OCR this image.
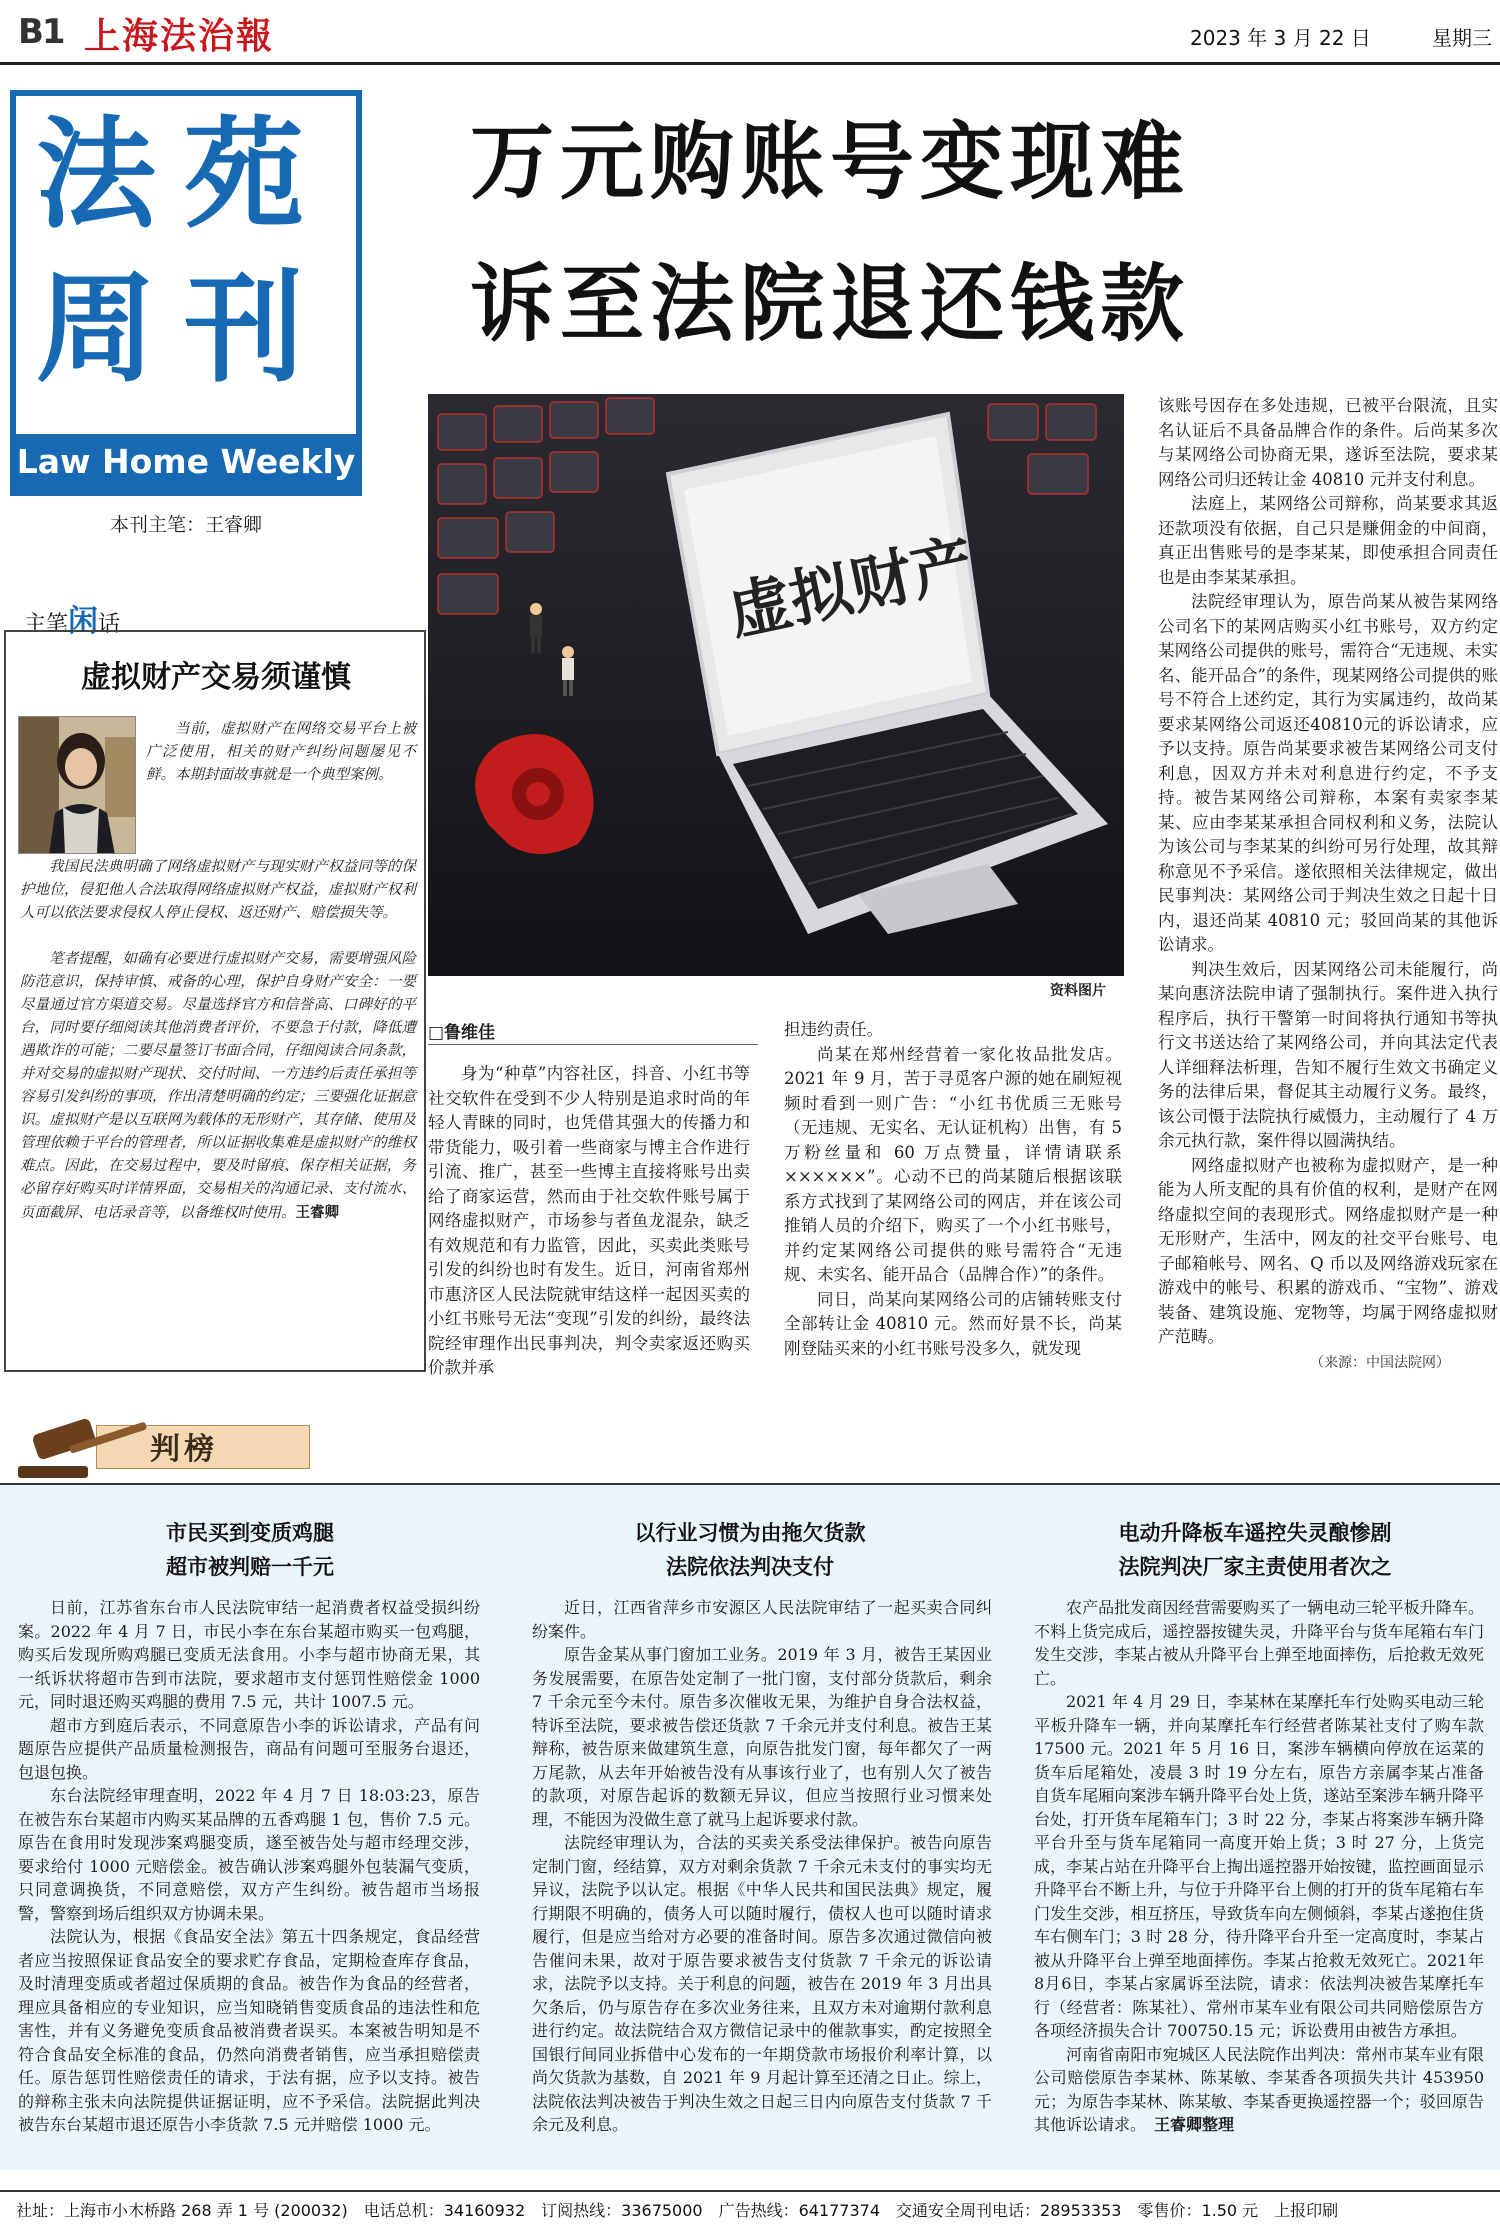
B1 上海法治報	2023 年 3 月 22 日	星期三
法苑
周刊
Law Home Weekly
本刊主笔：王睿卿
万元购账号变现难
诉至法院退还钱款
主笔闲话
虚拟财产交易须谨慎
当前，虚拟财产在网络交易平台上被广泛使用，相关的财产纠纷问题屡见不鲜。本期封面故事就是一个典型案例。
我国民法典明确了网络虚拟财产与现实财产权益同等的保护地位，侵犯他人合法取得网络虚拟财产权益，虚拟财产权利人可以依法要求侵权人停止侵权、返还财产、赔偿损失等。
笔者提醒，如确有必要进行虚拟财产交易，需要增强风险防范意识，保持审慎、戒备的心理，保护自身财产安全：一要尽量通过官方渠道交易。尽量选择官方和信誉高、口碑好的平台，同时要仔细阅读其他消费者评价，不要急于付款，降低遭遇欺诈的可能；二要尽量签订书面合同，仔细阅读合同条款，并对交易的虚拟财产现状、交付时间、一方违约后责任承担等容易引发纠纷的事项，作出清楚明确的约定；三要强化证据意识。虚拟财产是以互联网为载体的无形财产，其存储、使用及管理依赖于平台的管理者，所以证据收集难是虚拟财产的维权难点。因此，在交易过程中，要及时留痕、保存相关证据，务必留存好购买时详情界面，交易相关的沟通记录、支付流水、页面截屏、电话录音等，以备维权时使用。王睿卿
虚拟财产
资料图片
□鲁维佳

身为“种草”内容社区，抖音、小红书等社交软件在受到不少人特别是追求时尚的年轻人青睐的同时，也凭借其强大的传播力和带货能力，吸引着一些商家与博主合作进行引流、推广，甚至一些博主直接将账号出卖给了商家运营，然而由于社交软件账号属于网络虚拟财产，市场参与者鱼龙混杂，缺乏有效规范和有力监管，因此，买卖此类账号引发的纠纷也时有发生。近日，河南省郑州市惠济区人民法院就审结这样一起因买卖的小红书账号无法“变现”引发的纠纷，最终法院经审理作出民事判决，判令卖家返还购买价款并承

担违约责任。

尚某在郑州经营着一家化妆品批发店。2021 年 9 月，苦于寻觅客户源的她在刷短视频时看到一则广告：“小红书优质三无账号（无违规、无实名、无认证机构）出售，有 5 万粉丝量和 60 万点赞量，详情请联系××××××”。心动不已的尚某随后根据该联系方式找到了某网络公司的网店，并在该公司推销人员的介绍下，购买了一个小红书账号，并约定某网络公司提供的账号需符合“无违规、未实名、能开品合（品牌合作）”的条件。

同日，尚某向某网络公司的店铺转账支付全部转让金 40810 元。然而好景不长，尚某刚登陆买来的小红书账号没多久，就发现

该账号因存在多处违规，已被平台限流，且实名认证后不具备品牌合作的条件。后尚某多次与某网络公司协商无果，遂诉至法院，要求某网络公司归还转让金 40810 元并支付利息。

法庭上，某网络公司辩称，尚某要求其返还款项没有依据，自己只是赚佣金的中间商，真正出售账号的是李某某，即使承担合同责任也是由李某某承担。

法院经审理认为，原告尚某从被告某网络公司名下的某网店购买小红书账号，双方约定某网络公司提供的账号，需符合“无违规、未实名、能开品合”的条件，现某网络公司提供的账号不符合上述约定，其行为实属违约，故尚某要求某网络公司返还40810元的诉讼请求，应予以支持。原告尚某要求被告某网络公司支付利息，因双方并未对利息进行约定，不予支持。被告某网络公司辩称，本案有卖家李某某、应由李某某承担合同权利和义务，法院认为该公司与李某某的纠纷可另行处理，故其辩称意见不予采信。遂依照相关法律规定，做出民事判决：某网络公司于判决生效之日起十日内，退还尚某 40810 元；驳回尚某的其他诉讼请求。

判决生效后，因某网络公司未能履行，尚某向惠济法院申请了强制执行。案件进入执行程序后，执行干警第一时间将执行通知书等执行文书送达给了某网络公司，并向其法定代表人详细释法析理，告知不履行生效文书确定义务的法律后果，督促其主动履行义务。最终，该公司慑于法院执行威慑力，主动履行了 4 万余元执行款，案件得以圆满执结。

网络虚拟财产也被称为虚拟财产，是一种能为人所支配的具有价值的权利，是财产在网络虚拟空间的表现形式。网络虚拟财产是一种无形财产，生活中，网友的社交平台账号、电子邮箱帐号、网名、Q 币以及网络游戏玩家在游戏中的帐号、积累的游戏币、“宝物”、游戏装备、建筑设施、宠物等，均属于网络虚拟财产范畴。

（来源：中国法院网）
判榜
市民买到变质鸡腿
超市被判赔一千元
以行业习惯为由拖欠货款
法院依法判决支付
电动升降板车遥控失灵酿惨剧
法院判决厂家主责使用者次之

日前，江苏省东台市人民法院审结一起消费者权益受损纠纷案。2022 年 4 月 7 日，市民小李在东台某超市购买一包鸡腿，购买后发现所购鸡腿已变质无法食用。小李与超市协商无果，其一纸诉状将超市告到市法院，要求超市支付惩罚性赔偿金 1000 元，同时退还购买鸡腿的费用 7.5 元，共计 1007.5 元。

超市方到庭后表示，不同意原告小李的诉讼请求，产品有问题原告应提供产品质量检测报告，商品有问题可至服务台退还，包退包换。

东台法院经审理查明，2022 年 4 月 7 日 18:03:23，原告在被告东台某超市内购买某品牌的五香鸡腿 1 包，售价 7.5 元。原告在食用时发现涉案鸡腿变质，遂至被告处与超市经理交涉，要求给付 1000 元赔偿金。被告确认涉案鸡腿外包装漏气变质，只同意调换货，不同意赔偿，双方产生纠纷。被告超市当场报警，警察到场后组织双方协调未果。

法院认为，根据《食品安全法》第五十四条规定，食品经营者应当按照保证食品安全的要求贮存食品，定期检查库存食品，及时清理变质或者超过保质期的食品。被告作为食品的经营者，理应具备相应的专业知识，应当知晓销售变质食品的违法性和危害性，并有义务避免变质食品被消费者误买。本案被告明知是不符合食品安全标准的食品，仍然向消费者销售，应当承担赔偿责任。原告惩罚性赔偿责任的请求，于法有据，应予以支持。被告的辩称主张未向法院提供证据证明，应不予采信。法院据此判决被告东台某超市退还原告小李货款 7.5 元并赔偿 1000 元。

近日，江西省萍乡市安源区人民法院审结了一起买卖合同纠纷案件。

原告金某从事门窗加工业务。2019 年 3 月，被告王某因业务发展需要，在原告处定制了一批门窗，支付部分货款后，剩余 7 千余元至今未付。原告多次催收无果，为维护自身合法权益，特诉至法院，要求被告偿还货款 7 千余元并支付利息。被告王某辩称，被告原来做建筑生意，向原告批发门窗，每年都欠了一两万尾款，从去年开始被告没有从事该行业了，也有别人欠了被告的款项，对原告起诉的数额无异议，但应当按照行业习惯来处理，不能因为没做生意了就马上起诉要求付款。

法院经审理认为，合法的买卖关系受法律保护。被告向原告定制门窗，经结算，双方对剩余货款 7 千余元未支付的事实均无异议，法院予以认定。根据《中华人民共和国民法典》规定，履行期限不明确的，债务人可以随时履行，债权人也可以随时请求履行，但是应当给对方必要的准备时间。原告多次通过微信向被告催问未果，故对于原告要求被告支付货款 7 千余元的诉讼请求，法院予以支持。关于利息的问题，被告在 2019 年 3 月出具欠条后，仍与原告存在多次业务往来，且双方未对逾期付款利息进行约定。故法院结合双方微信记录中的催款事实，酌定按照全国银行间同业拆借中心发布的一年期贷款市场报价利率计算，以尚欠货款为基数，自 2021 年 9 月起计算至还清之日止。综上，法院依法判决被告于判决生效之日起三日内向原告支付货款 7 千余元及利息。

农产品批发商因经营需要购买了一辆电动三轮平板升降车。不料上货完成后，遥控器按键失灵，升降平台与货车尾箱右车门发生交涉，李某占被从升降平台上弹至地面摔伤，后抢救无效死亡。

2021 年 4 月 29 日，李某林在某摩托车行处购买电动三轮平板升降车一辆，并向某摩托车行经营者陈某社支付了购车款 17500 元。2021 年 5 月 16 日，案涉车辆横向停放在运菜的货车后尾箱处，凌晨 3 时 19 分左右，原告方亲属李某占准备自货车尾厢向案涉车辆升降平台处上货，遂站至案涉车辆升降平台处，打开货车尾箱车门；3 时 22 分，李某占将案涉车辆升降平台升至与货车尾箱同一高度开始上货；3 时 27 分，上货完成，李某占站在升降平台上掏出遥控器开始按键，监控画面显示升降平台不断上升，与位于升降平台上侧的打开的货车尾箱右车门发生交涉，相互挤压，导致货车向左侧倾斜，李某占遂抱住货车右侧车门；3 时 28 分，待升降平台升至一定高度时，李某占被从升降平台上弹至地面摔伤。李某占抢救无效死亡。2021年8月6日，李某占家属诉至法院，请求：依法判决被告某摩托车行（经营者：陈某社）、常州市某车业有限公司共同赔偿原告方各项经济损失合计 700750.15 元；诉讼费用由被告方承担。

河南省南阳市宛城区人民法院作出判决：常州市某车业有限公司赔偿原告李某林、陈某敏、李某香各项损失共计 453950 元；为原告李某林、陈某敏、李某香更换遥控器一个；驳回原告其他诉讼请求。　 王睿卿整理

社址：上海市小木桥路 268 弄 1 号 (200032)　电话总机：34160932　订阅热线：33675000　广告热线：64177374　交通安全周刊电话：28953353　零售价：1.50 元　上报印刷
